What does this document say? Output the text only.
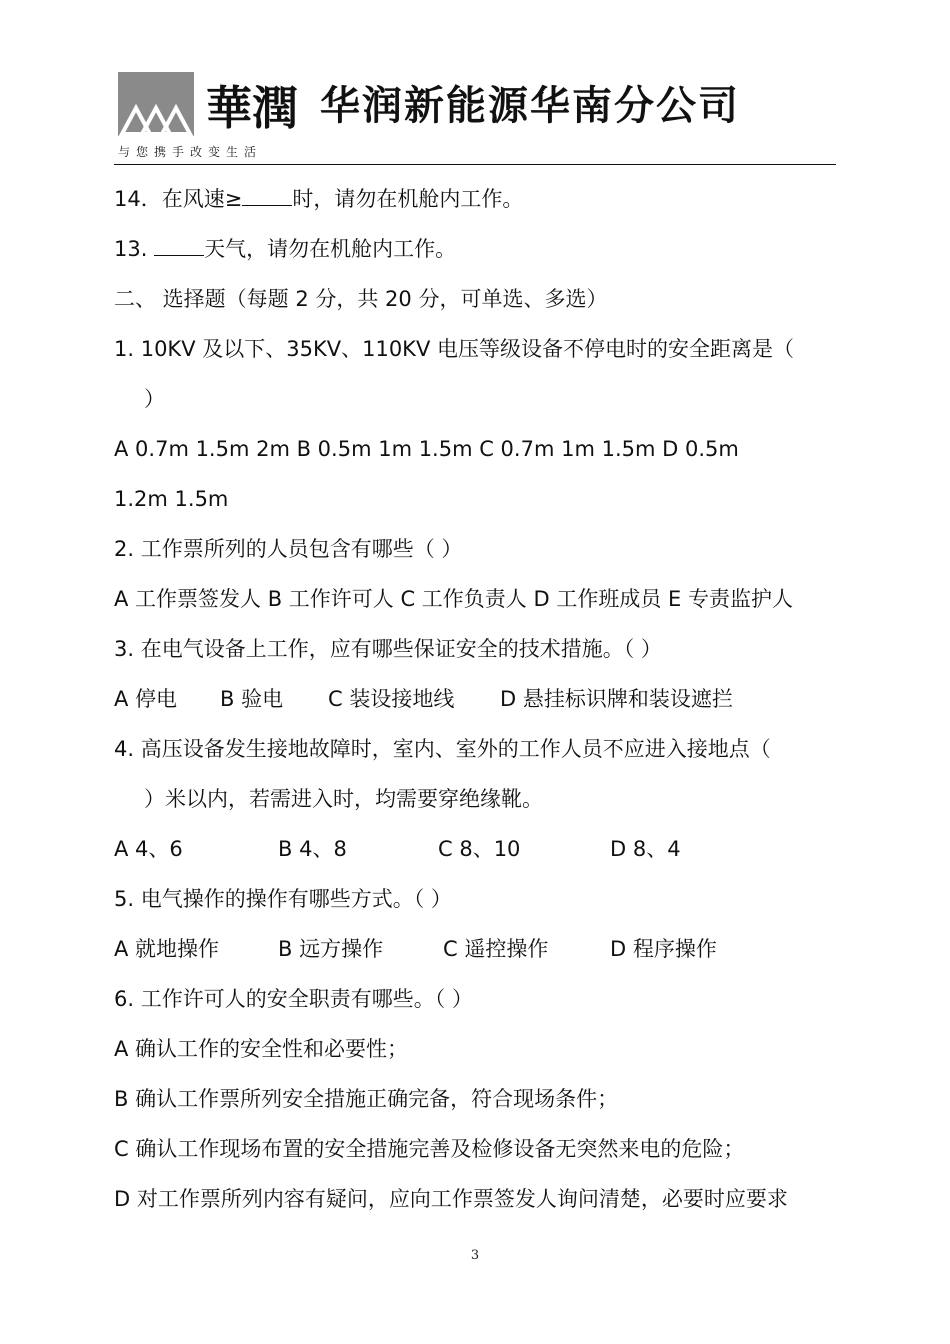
華潤 华润新能源华南分公司
与您携手改变生活
14．在风速≥ 时，请勿在机舱内工作。
13. 天气，请勿在机舱内工作。
二、 选择题（每题 2 分，共 20 分，可单选、多选）
1. 10KV 及以下、35KV、110KV 电压等级设备不停电时的安全距离是（
）
A 0.7m 1.5m 2m B 0.5m 1m 1.5m C 0.7m 1m 1.5m D 0.5m
1.2m 1.5m
2. 工作票所列的人员包含有哪些（ ）
A 工作票签发人 B 工作许可人 C 工作负责人 D 工作班成员 E 专责监护人
3. 在电气设备上工作，应有哪些保证安全的技术措施。（ ）
A 停电 B 验电 C 装设接地线 D 悬挂标识牌和装设遮拦
4. 高压设备发生接地故障时，室内、室外的工作人员不应进入接地点（
）米以内，若需进入时，均需要穿绝缘靴。
A 4、6	B 4、8	C 8、10	D 8、4
5. 电气操作的操作有哪些方式。（ ）
A 就地操作	B 远方操作	C 遥控操作	D 程序操作
6. 工作许可人的安全职责有哪些。（ ）
A 确认工作的安全性和必要性；
B 确认工作票所列安全措施正确完备，符合现场条件；
C 确认工作现场布置的安全措施完善及检修设备无突然来电的危险；
D 对工作票所列内容有疑问，应向工作票签发人询问清楚，必要时应要求
3
